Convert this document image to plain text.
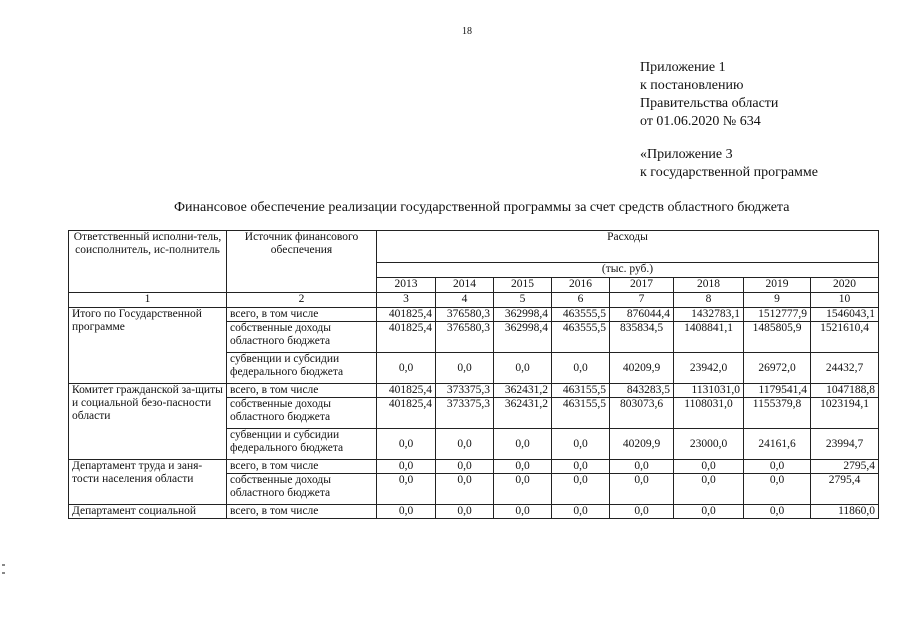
18
Приложение 1
к постановлению
Правительства области
от 01.06.2020 № 634
«Приложение 3
к государственной программе
Финансовое обеспечение реализации государственной программы за счет средств областного бюджета
Ответственный исполни-тель, соисполнитель, ис-полнитель	Источник финансового обеспечения	Расходы							
		(тыс. руб.)							
		2013	2014	2015	2016	2017	2018	2019	2020
1	2	3	4	5	6	7	8	9	10
Итого по Государственной программе	всего, в том числе	401825,4	376580,3	362998,4	463555,5	876044,4	1432783,1	1512777,9	1546043,1
	собственные доходы областного бюджета	401825,4	376580,3	362998,4	463555,5	835834,5	1408841,1	1485805,9	1521610,4
	субвенции и субсидии федерального бюджета	0,0	0,0	0,0	0,0	40209,9	23942,0	26972,0	24432,7
Комитет гражданской за-щиты и социальной безо-пасности области	всего, в том числе	401825,4	373375,3	362431,2	463155,5	843283,5	1131031,0	1179541,4	1047188,8
	собственные доходы областного бюджета	401825,4	373375,3	362431,2	463155,5	803073,6	1108031,0	1155379,8	1023194,1
	субвенции и субсидии федерального бюджета	0,0	0,0	0,0	0,0	40209,9	23000,0	24161,6	23994,7
Департамент труда и заня-тости населения области	всего, в том числе	0,0	0,0	0,0	0,0	0,0	0,0	0,0	2795,4
	собственные доходы областного бюджета	0,0	0,0	0,0	0,0	0,0	0,0	0,0	2795,4
Департамент социальной	всего, в том числе	0,0	0,0	0,0	0,0	0,0	0,0	0,0	11860,0
